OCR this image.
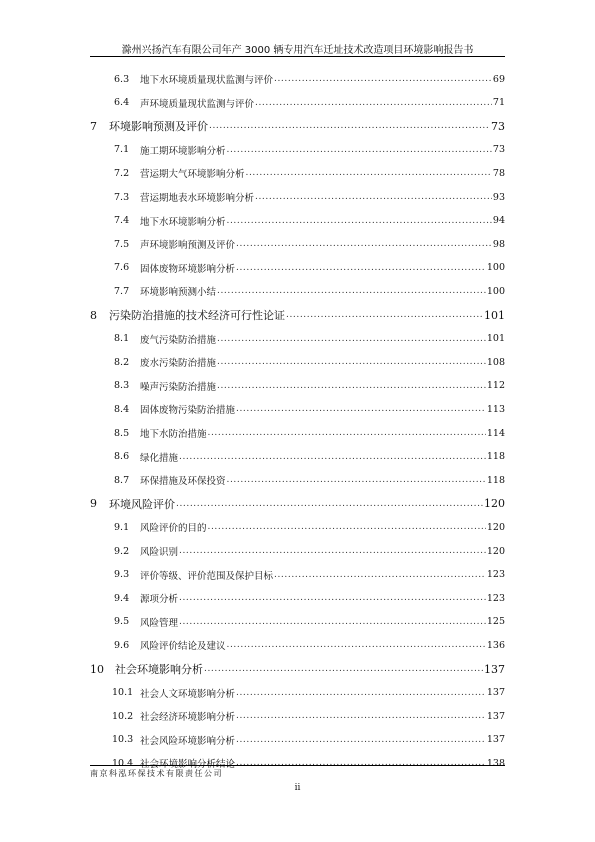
滁州兴扬汽车有限公司年产 3000 辆专用汽车迁址技术改造项目环境影响报告书
6.3	地下水环境质量现状监测与评价 .....	69
6.4	声环境质量现状监测与评价 .....	71
7	环境影响预测及评价 .....	73
7.1	施工期环境影响分析 .....	73
7.2	营运期大气环境影响分析 .....	78
7.3	营运期地表水环境影响分析 .....	93
7.4	地下水环境影响分析 .....	94
7.5	声环境影响预测及评价 .....	98
7.6	固体废物环境影响分析 .....	100
7.7	环境影响预测小结 .....	100
8	污染防治措施的技术经济可行性论证 .....	101
8.1	废气污染防治措施 .....	101
8.2	废水污染防治措施 .....	108
8.3	噪声污染防治措施 .....	112
8.4	固体废物污染防治措施 .....	113
8.5	地下水防治措施 .....	114
8.6	绿化措施 .....	118
8.7	环保措施及环保投资 .....	118
9	环境风险评价 .....	120
9.1	风险评价的目的 .....	120
9.2	风险识别 .....	120
9.3	评价等级、评价范围及保护目标 .....	123
9.4	源项分析 .....	123
9.5	风险管理 .....	125
9.6	风险评价结论及建议 .....	136
10	社会环境影响分析 .....	137
10.1 社会人文环境影响分析 .....	137
10.2 社会经济环境影响分析 .....	137
10.3 社会风险环境影响分析 .....	137
10.4 社会环境影响分析结论 .....	138
南京科泓环保技术有限责任公司
ii
